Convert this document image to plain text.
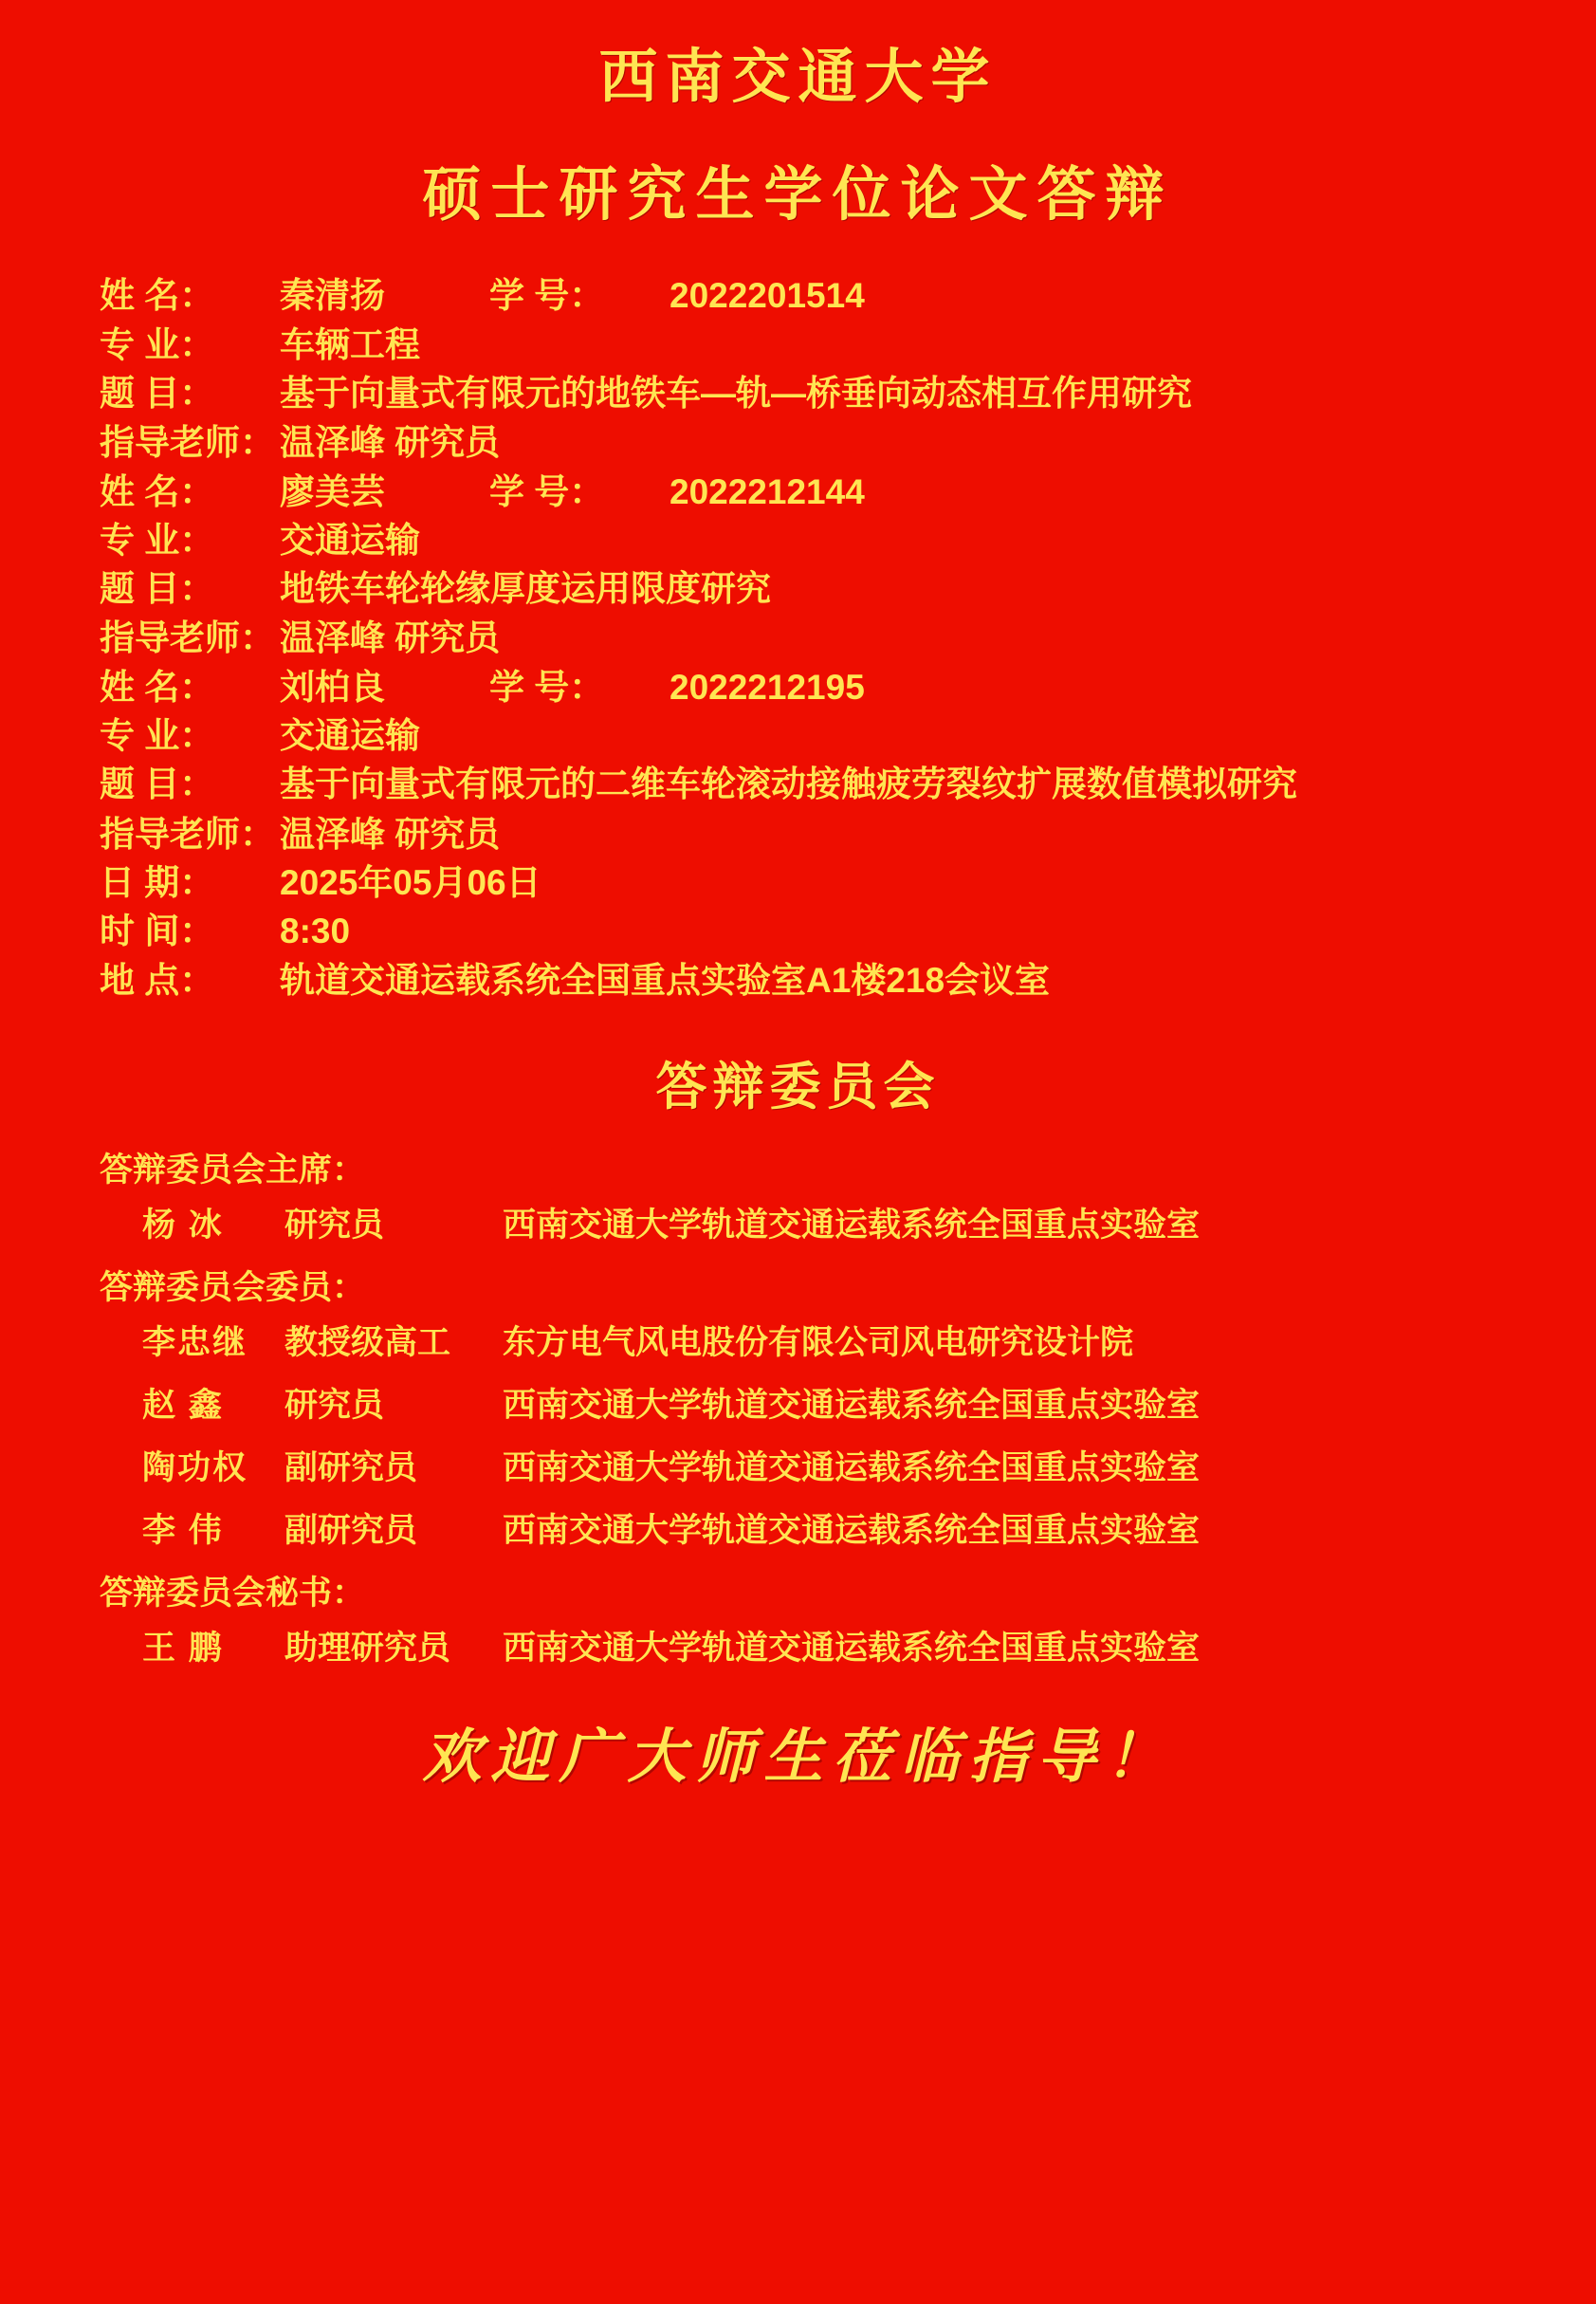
西南交通大学
硕士研究生学位论文答辩
姓 名：	秦清扬	学 号：	2022201514
专 业：	车辆工程
题 目：	基于向量式有限元的地铁车—轨—桥垂向动态相互作用研究
指导老师： 温泽峰 研究员
姓 名：	廖美芸	学 号：	2022212144
专 业：	交通运输
题 目：	地铁车轮轮缘厚度运用限度研究
指导老师： 温泽峰 研究员
姓 名：	刘柏良	学 号：	2022212195
专 业：	交通运输
题 目：	基于向量式有限元的二维车轮滚动接触疲劳裂纹扩展数值模拟研究
指导老师： 温泽峰 研究员
日 期：	2025年05月06日
时 间：	8:30
地 点：	轨道交通运载系统全国重点实验室A1楼218会议室
答辩委员会
答辩委员会主席：
杨 冰	研究员	西南交通大学轨道交通运载系统全国重点实验室
答辩委员会委员：
李忠继	教授级高工	东方电气风电股份有限公司风电研究设计院
赵 鑫	研究员	西南交通大学轨道交通运载系统全国重点实验室
陶功权	副研究员	西南交通大学轨道交通运载系统全国重点实验室
李 伟	副研究员	西南交通大学轨道交通运载系统全国重点实验室
答辩委员会秘书：
王 鹏	助理研究员	西南交通大学轨道交通运载系统全国重点实验室
欢迎广大师生莅临指导！
